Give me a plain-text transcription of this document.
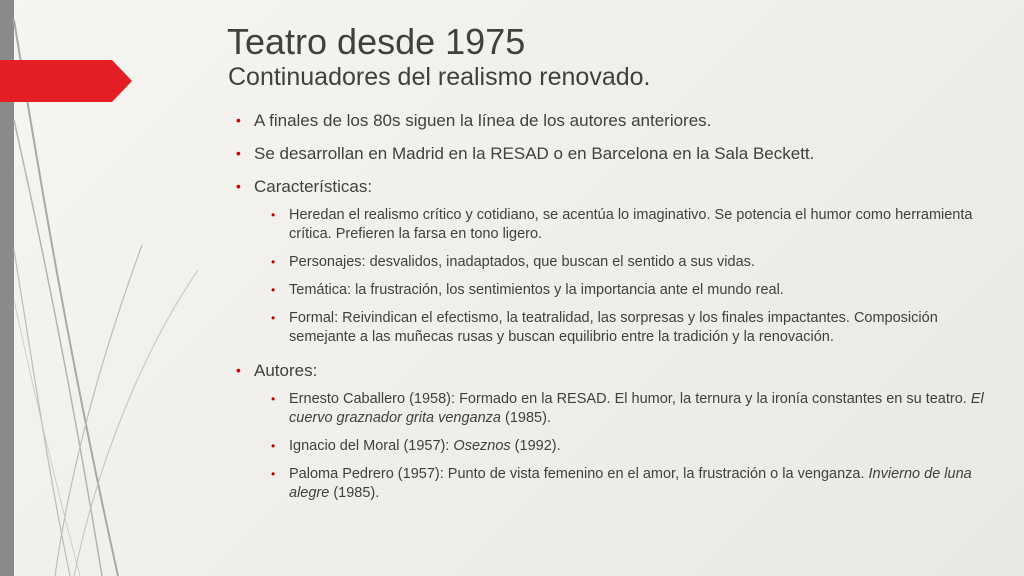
Teatro desde 1975
Continuadores del realismo renovado.
• A finales de los 80s siguen la línea de los autores anteriores.
• Se desarrollan en Madrid en la RESAD o en Barcelona en la Sala Beckett.
• Características:
• Heredan el realismo crítico y cotidiano, se acentúa lo imaginativo. Se potencia el humor como herramienta crítica. Prefieren la farsa en tono ligero.
• Personajes: desvalidos, inadaptados, que buscan el sentido a sus vidas.
• Temática: la frustración, los sentimientos y la importancia ante el mundo real.
• Formal: Reivindican el efectismo, la teatralidad, las sorpresas y los finales impactantes. Composición semejante a las muñecas rusas y buscan equilibrio entre la tradición y la renovación.
• Autores:
• Ernesto Caballero (1958): Formado en la RESAD. El humor, la ternura y la ironía constantes en su teatro. El cuervo graznador grita venganza (1985).
• Ignacio del Moral (1957): Oseznos (1992).
• Paloma Pedrero (1957): Punto de vista femenino en el amor, la frustración o la venganza. Invierno de luna alegre (1985).
